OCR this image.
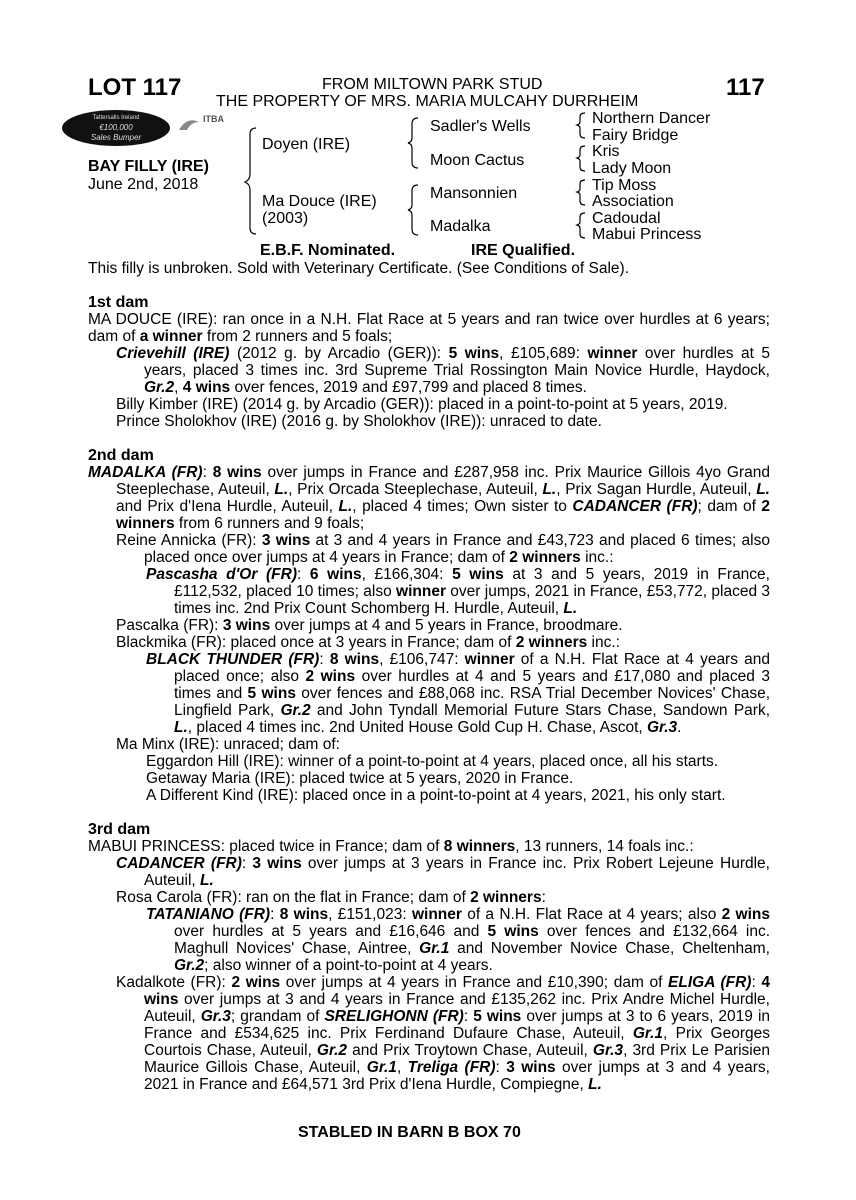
LOT 117	117
FROM MILTOWN PARK STUD
THE PROPERTY OF MRS. MARIA MULCAHY DURRHEIM
Tattersalls Ireland
€100,000
Sales Bumper
ITBA
BAY FILLY (IRE)
June 2nd, 2018
Doyen (IRE)
Ma Douce (IRE)
(2003)
Sadler's Wells
Moon Cactus
Mansonnien
Madalka
Northern Dancer
Fairy Bridge
Kris
Lady Moon
Tip Moss
Association
Cadoudal
Mabui Princess
E.B.F. Nominated.	IRE Qualified.

This filly is unbroken. Sold with Veterinary Certificate. (See Conditions of Sale).

1st dam

MA DOUCE (IRE): ran once in a N.H. Flat Race at 5 years and ran twice over hurdles at 6 years; dam of a winner from 2 runners and 5 foals;

Crievehill (IRE) (2012 g. by Arcadio (GER)): 5 wins, £105,689: winner over hurdles at 5 years, placed 3 times inc. 3rd Supreme Trial Rossington Main Novice Hurdle, Haydock, Gr.2, 4 wins over fences, 2019 and £97,799 and placed 8 times.

Billy Kimber (IRE) (2014 g. by Arcadio (GER)): placed in a point-to-point at 5 years, 2019.

Prince Sholokhov (IRE) (2016 g. by Sholokhov (IRE)): unraced to date.

2nd dam

MADALKA (FR): 8 wins over jumps in France and £287,958 inc. Prix Maurice Gillois 4yo Grand Steeplechase, Auteuil, L., Prix Orcada Steeplechase, Auteuil, L., Prix Sagan Hurdle, Auteuil, L. and Prix d'Iena Hurdle, Auteuil, L., placed 4 times; Own sister to CADANCER (FR); dam of 2 winners from 6 runners and 9 foals;

Reine Annicka (FR): 3 wins at 3 and 4 years in France and £43,723 and placed 6 times; also placed once over jumps at 4 years in France; dam of 2 winners inc.:

Pascasha d'Or (FR): 6 wins, £166,304: 5 wins at 3 and 5 years, 2019 in France, £112,532, placed 10 times; also winner over jumps, 2021 in France, £53,772, placed 3 times inc. 2nd Prix Count Schomberg H. Hurdle, Auteuil, L.

Pascalka (FR): 3 wins over jumps at 4 and 5 years in France, broodmare.

Blackmika (FR): placed once at 3 years in France; dam of 2 winners inc.:

BLACK THUNDER (FR): 8 wins, £106,747: winner of a N.H. Flat Race at 4 years and placed once; also 2 wins over hurdles at 4 and 5 years and £17,080 and placed 3 times and 5 wins over fences and £88,068 inc. RSA Trial December Novices' Chase, Lingfield Park, Gr.2 and John Tyndall Memorial Future Stars Chase, Sandown Park, L., placed 4 times inc. 2nd United House Gold Cup H. Chase, Ascot, Gr.3.

Ma Minx (IRE): unraced; dam of:

Eggardon Hill (IRE): winner of a point-to-point at 4 years, placed once, all his starts.

Getaway Maria (IRE): placed twice at 5 years, 2020 in France.

A Different Kind (IRE): placed once in a point-to-point at 4 years, 2021, his only start.

3rd dam

MABUI PRINCESS: placed twice in France; dam of 8 winners, 13 runners, 14 foals inc.:

CADANCER (FR): 3 wins over jumps at 3 years in France inc. Prix Robert Lejeune Hurdle, Auteuil, L.

Rosa Carola (FR): ran on the flat in France; dam of 2 winners:

TATANIANO (FR): 8 wins, £151,023: winner of a N.H. Flat Race at 4 years; also 2 wins over hurdles at 5 years and £16,646 and 5 wins over fences and £132,664 inc. Maghull Novices' Chase, Aintree, Gr.1 and November Novice Chase, Cheltenham, Gr.2; also winner of a point-to-point at 4 years.

Kadalkote (FR): 2 wins over jumps at 4 years in France and £10,390; dam of ELIGA (FR): 4 wins over jumps at 3 and 4 years in France and £135,262 inc. Prix Andre Michel Hurdle, Auteuil, Gr.3; grandam of SRELIGHONN (FR): 5 wins over jumps at 3 to 6 years, 2019 in France and £534,625 inc. Prix Ferdinand Dufaure Chase, Auteuil, Gr.1, Prix Georges Courtois Chase, Auteuil, Gr.2 and Prix Troytown Chase, Auteuil, Gr.3, 3rd Prix Le Parisien Maurice Gillois Chase, Auteuil, Gr.1, Treliga (FR): 3 wins over jumps at 3 and 4 years, 2021 in France and £64,571 3rd Prix d'Iena Hurdle, Compiegne, L.

STABLED IN BARN B BOX 70
